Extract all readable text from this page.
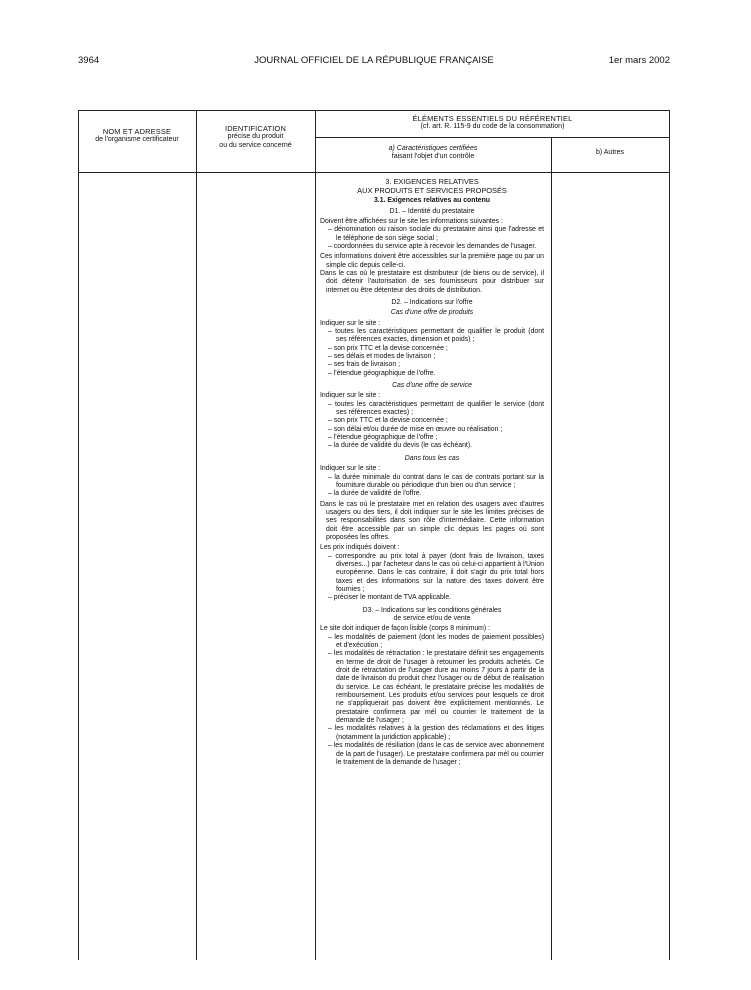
3964	JOURNAL OFFICIEL DE LA RÉPUBLIQUE FRANÇAISE	1er mars 2002
NOM ET ADRESSE
de l'organisme certificateur
IDENTIFICATION
précise du produit
ou du service concerné
ÉLÉMENTS ESSENTIELS DU RÉFÉRENTIEL
(cf. art. R. 115-9 du code de la consommation)
a) Caractéristiques certifiées
faisant l'objet d'un contrôle
b) Autres
3. EXIGENCES RELATIVES
AUX PRODUITS ET SERVICES PROPOSÉS
3.1. Exigences relatives au contenu
D1. – Identité du prestataire

Doivent être affichées sur le site les informations suivantes :

– dénomination ou raison sociale du prestataire ainsi que l'adresse et le téléphone de son siège social ;

– coordonnées du service apte à recevoir les demandes de l'usager.

Ces informations doivent être accessibles sur la première page ou par un simple clic depuis celle-ci.

Dans le cas où le prestataire est distributeur (de biens ou de service), il doit détenir l'autorisation de ses fournisseurs pour distribuer sur internet ou être détenteur des droits de distribution.

D2. – Indications sur l'offre
Cas d'une offre de produits

Indiquer sur le site :

– toutes les caractéristiques permettant de qualifier le produit (dont ses références exactes, dimension et poids) ;

– son prix TTC et la devise concernée ;

– ses délais et modes de livraison ;

– ses frais de livraison ;

– l'étendue géographique de l'offre.

Cas d'une offre de service

Indiquer sur le site :

– toutes les caractéristiques permettant de qualifier le service (dont ses références exactes) ;

– son prix TTC et la devise concernée ;

– son délai et/ou durée de mise en œuvre ou réalisation ;

– l'étendue géographique de l'offre ;

– la durée de validité du devis (le cas échéant).

Dans tous les cas

Indiquer sur le site :

– la durée minimale du contrat dans le cas de contrats portant sur la fourniture durable ou périodique d'un bien ou d'un service ;

– la durée de validité de l'offre.

Dans le cas où le prestataire met en relation des usagers avec d'autres usagers ou des tiers, il doit indiquer sur le site les limites précises de ses responsabilités dans son rôle d'intermédiaire. Cette information doit être accessible par un simple clic depuis les pages où sont proposées les offres.

Les prix indiqués doivent :

– correspondre au prix total à payer (dont frais de livraison, taxes diverses...) par l'acheteur dans le cas où celui-ci appartient à l'Union européenne. Dans le cas contraire, il doit s'agir du prix total hors taxes et des informations sur la nature des taxes doivent être fournies ;

– préciser le montant de TVA applicable.

D3. – Indications sur les conditions générales
de service et/ou de vente

Le site doit indiquer de façon lisible (corps 8 minimum) :

– les modalités de paiement (dont les modes de paiement possibles) et d'exécution ;

– les modalités de rétractation : le prestataire définit ses engagements en terme de droit de l'usager à retourner les produits achetés. Ce droit de rétractation de l'usager dure au moins 7 jours à partir de la date de livraison du produit chez l'usager ou de début de réalisation du service. Le cas échéant, le prestataire précise les modalités de remboursement. Les produits et/ou services pour lesquels ce droit ne s'appliquerait pas doivent être explicitement mentionnés. Le prestataire confirmera par mél ou courrier le traitement de la demande de l'usager ;

– les modalités relatives à la gestion des réclamations et des litiges (notamment la juridiction applicable) ;

– les modalités de résiliation (dans le cas de service avec abonnement de la part de l'usager). Le prestataire confirmera par mél ou courrier le traitement de la demande de l'usager ;
